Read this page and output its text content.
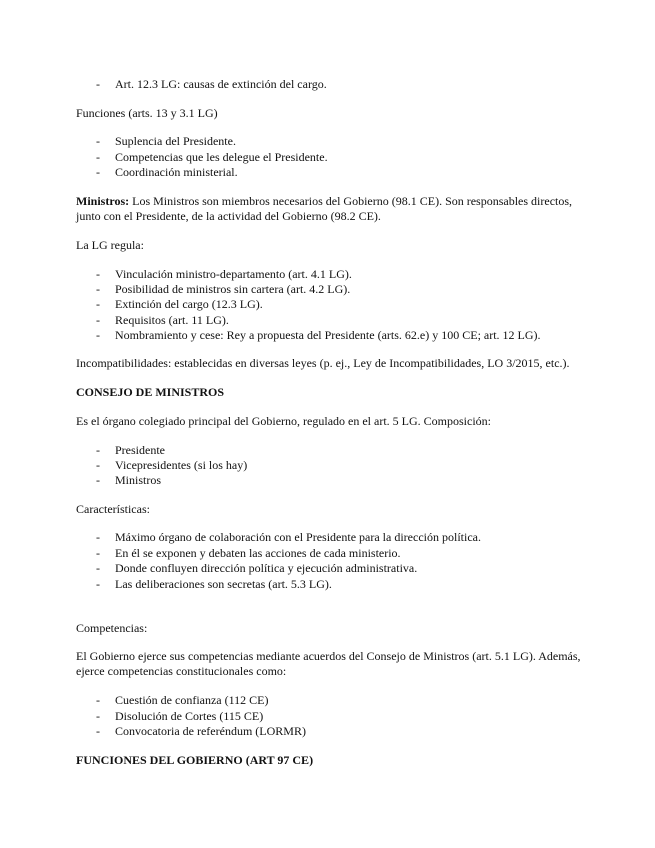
- Art. 12.3 LG: causas de extinción del cargo.
Funciones (arts. 13 y 3.1 LG)
- Suplencia del Presidente.
- Competencias que les delegue el Presidente.
- Coordinación ministerial.
Ministros: Los Ministros son miembros necesarios del Gobierno (98.1 CE). Son responsables directos,
junto con el Presidente, de la actividad del Gobierno (98.2 CE).
La LG regula:
- Vinculación ministro-departamento (art. 4.1 LG).
- Posibilidad de ministros sin cartera (art. 4.2 LG).
- Extinción del cargo (12.3 LG).
- Requisitos (art. 11 LG).
- Nombramiento y cese: Rey a propuesta del Presidente (arts. 62.e) y 100 CE; art. 12 LG).
Incompatibilidades: establecidas en diversas leyes (p. ej., Ley de Incompatibilidades, LO 3/2015, etc.).
CONSEJO DE MINISTROS
Es el órgano colegiado principal del Gobierno, regulado en el art. 5 LG. Composición:
- Presidente
- Vicepresidentes (si los hay)
- Ministros
Características:
- Máximo órgano de colaboración con el Presidente para la dirección política.
- En él se exponen y debaten las acciones de cada ministerio.
- Donde confluyen dirección política y ejecución administrativa.
- Las deliberaciones son secretas (art. 5.3 LG).
Competencias:
El Gobierno ejerce sus competencias mediante acuerdos del Consejo de Ministros (art. 5.1 LG). Además,
ejerce competencias constitucionales como:
- Cuestión de confianza (112 CE)
- Disolución de Cortes (115 CE)
- Convocatoria de referéndum (LORMR)
FUNCIONES DEL GOBIERNO (ART 97 CE)
